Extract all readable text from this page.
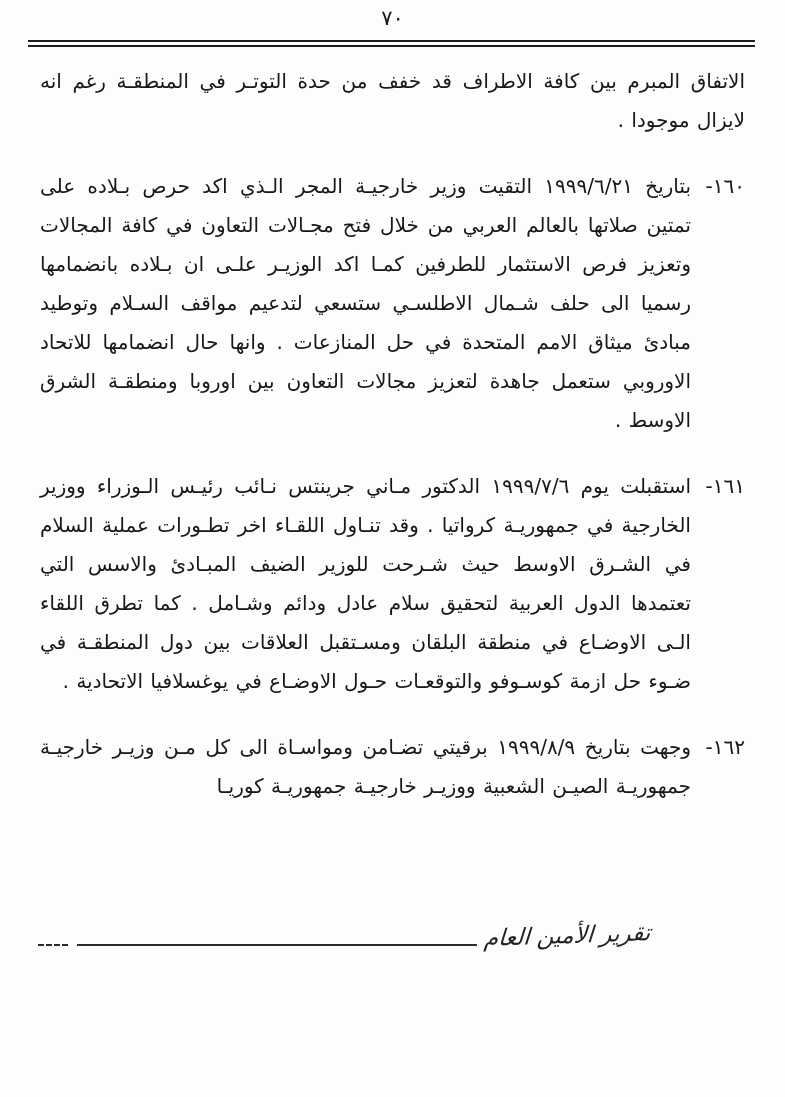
٧٠
الاتفاق المبرم بين كافة الاطراف قد خفف من حدة التوتـر في المنطقـة رغم انه لايزال موجودا .
١٦٠-
بتاريخ ١٩٩٩/٦/٢١ التقيت وزير خارجيـة المجر الـذي اكد حرص بـلاده على تمتين صلاتها بالعالم العربي من خلال فتح مجـالات التعاون في كافة المجالات وتعزيز فرص الاستثمار للطرفين كمـا اكد الوزيـر علـى ان بـلاده بانضمامها رسميا الى حلف شـمال الاطلسـي ستسعي لتدعيم مواقف السـلام وتوطيد مبادئ ميثاق الامم المتحدة في حل المنازعات . وانها حال انضمامها للاتحاد الاوروبي ستعمل جاهدة لتعزيز مجالات التعاون بين اوروبا ومنطقـة الشرق الاوسط .
١٦١-
استقبلت يوم ١٩٩٩/٧/٦ الدكتور مـاني جرينتس نـائب رئيـس الـوزراء ووزير الخارجية في جمهوريـة كرواتيا . وقد تنـاول اللقـاء اخر تطـورات عملية السلام في الشـرق الاوسط حيث شـرحت للوزير الضيف المبـادئ والاسس التي تعتمدها الدول العربية لتحقيق سلام عادل ودائم وشـامل . كما تطرق اللقاء الـى الاوضـاع في منطقة البلقان ومسـتقبل العلاقات بين دول المنطقـة في ضـوء حل ازمة كوسـوفو والتوقعـات حـول الاوضـاع في يوغسلافيا الاتحادية .
١٦٢-
وجهت بتاريخ ١٩٩٩/٨/٩ برقيتي تضـامن ومواسـاة الى كل مـن وزيـر خارجيـة جمهوريـة الصيـن الشعبية ووزيـر خارجيـة جمهوريـة كوريـا
تقرير الأمين العام
